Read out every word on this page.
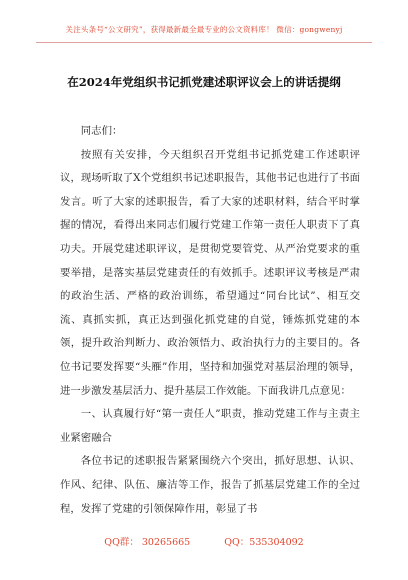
关注头条号“公文研究”，获得最新最全最专业的公文资料库！ 微信：gongwenyj
在2024年党组织书记抓党建述职评议会上的讲话提纲

同志们：

按照有关安排，今天组织召开党组书记抓党建工作述职评议，现场听取了X个党组织书记述职报告，其他书记也进行了书面发言。听了大家的述职报告，看了大家的述职材料，结合平时掌握的情况，看得出来同志们履行党建工作第一责任人职责下了真功夫。开展党建述职评议，是贯彻党要管党、从严治党要求的重要举措，是落实基层党建责任的有效抓手。述职评议考核是严肃的政治生活、严格的政治训练，希望通过“同台比试”、相互交流、真抓实抓，真正达到强化抓党建的自觉，锤炼抓党建的本领，提升政治判断力、政治领悟力、政治执行力的主要目的。各位书记要发挥要“头雁”作用，坚持和加强党对基层治理的领导，进一步激发基层活力、提升基层工作效能。下面我讲几点意见：

一、认真履行好“第一责任人”职责，推动党建工作与主责主业紧密融合

各位书记的述职报告紧紧围绕六个突出，抓好思想、认识、作风、纪律、队伍、廉洁等工作，报告了抓基层党建工作的全过程，发挥了党建的引领保障作用，彰显了书

QQ群： 30265665	QQ：535304092
